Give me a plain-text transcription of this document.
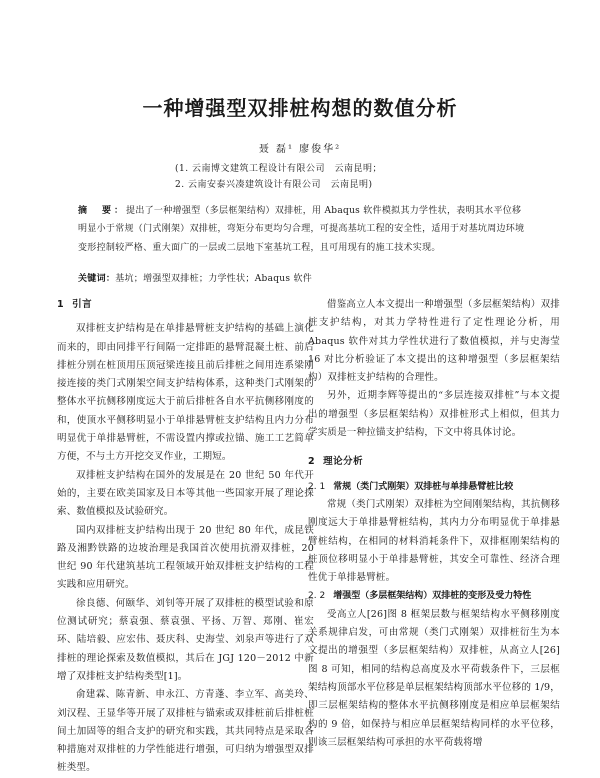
一种增强型双排桩构想的数值分析
聂 磊¹ 廖俊华²
(1. 云南博文建筑工程设计有限公司　云南昆明；
2. 云南安泰兴凑建筑设计有限公司　云南昆明)
摘　要：提出了一种增强型（多层框架结构）双排桩，用 Abaqus 软件模拟其力学性状，表明其水平位移明显小于常规（门式刚架）双排桩，弯矩分布更均匀合理，可提高基坑工程的安全性，适用于对基坑周边环境变形控制较严格、重大面广的一层或二层地下室基坑工程，且可用现有的施工技术实现。
关键词：基坑；增强型双排桩；力学性状；Abaqus 软件
1 引言

双排桩支护结构是在单排悬臂桩支护结构的基础上演化而来的，即由同排平行间隔一定排距的悬臂混凝土桩、前后排桩分别在桩顶用压顶冠梁连接且前后排桩之间用连系梁刚接连接的类门式刚架空间支护结构体系，这种类门式刚架的整体水平抗侧移刚度远大于前后排桩各自水平抗侧移刚度的和，使顶水平侧移明显小于单排悬臂桩支护结构且内力分布明显优于单排悬臂桩，不需设置内撑或拉锚、施工工艺简单方便，不与土方开挖交叉作业，工期短。

双排桩支护结构在国外的发展是在 20 世纪 50 年代开始的，主要在欧美国家及日本等其他一些国家开展了理论探索、数值模拟及试验研究。

国内双排桩支护结构出现于 20 世纪 80 年代，成昆铁路及湘黔铁路的边坡治理是我国首次使用抗滑双排桩，20 世纪 90 年代建筑基坑工程领域开始双排桩支护结构的工程实践和应用研究。

徐良德、何颐华、刘钊等开展了双排桩的模型试验和原位测试研究；蔡袁强、蔡袁强、平扬、万智、郑刚、崔宏环、陆培毅、应宏伟、聂庆科、史海莹、刘泉声等进行了双排桩的理论探索及数值模拟，其后在 JGJ 120－2012 中新增了双排桩支护结构类型[1]。

俞建霖、陈青新、申永江、方青蓬、李立军、高美玲、刘汉程、王显华等开展了双排桩与锚索或双排桩前后排桩桩间土加固等的组合支护的研究和实践，其共同特点是采取各种措施对双排桩的力学性能进行增强，可归纳为增强型双排桩类型。

借鉴高立人本文提出一种增强型（多层框架结构）双排桩支护结构，对其力学特性进行了定性理论分析，用 Abaqus 软件对其力学性状进行了数值模拟，并与史海莹 16 对比分析验证了本文提出的这种增强型（多层框架结构）双排桩支护结构的合理性。

另外，近期李辉等提出的“多层连接双排桩”与本文提出的增强型（多层框架结构）双排桩形式上相似，但其力学实质是一种拉锚支护结构，下文中将具体讨论。

2 理论分析
2. 1 常规（类门式刚架）双排桩与单排悬臂桩比较

常规（类门式刚架）双排桩为空间刚架结构，其抗侧移刚度远大于单排悬臂桩结构，其内力分布明显优于单排悬臂桩结构，在相同的材料消耗条件下，双排框刚架结构的桩顶位移明显小于单排悬臂桩，其安全可靠性、经济合理性优于单排悬臂桩。

2. 2 增强型（多层框架结构）双排桩的变形及受力特性

受高立人[26]图 8 框架层数与框架结构水平侧移刚度关系规律启发，可由常规（类门式刚架）双排桩衍生为本文提出的增强型（多层框架结构）双排桩，从高立人[26]图 8 可知，相同的结构总高度及水平荷载条件下，三层框架结构顶部水平位移是单层框架结构顶部水平位移的 1/9，即三层框架结构的整体水平抗侧移刚度是相应单层框架结构的 9 倍，如保持与相应单层框架结构同样的水平位移，则该三层框架结构可承担的水平荷载将增
